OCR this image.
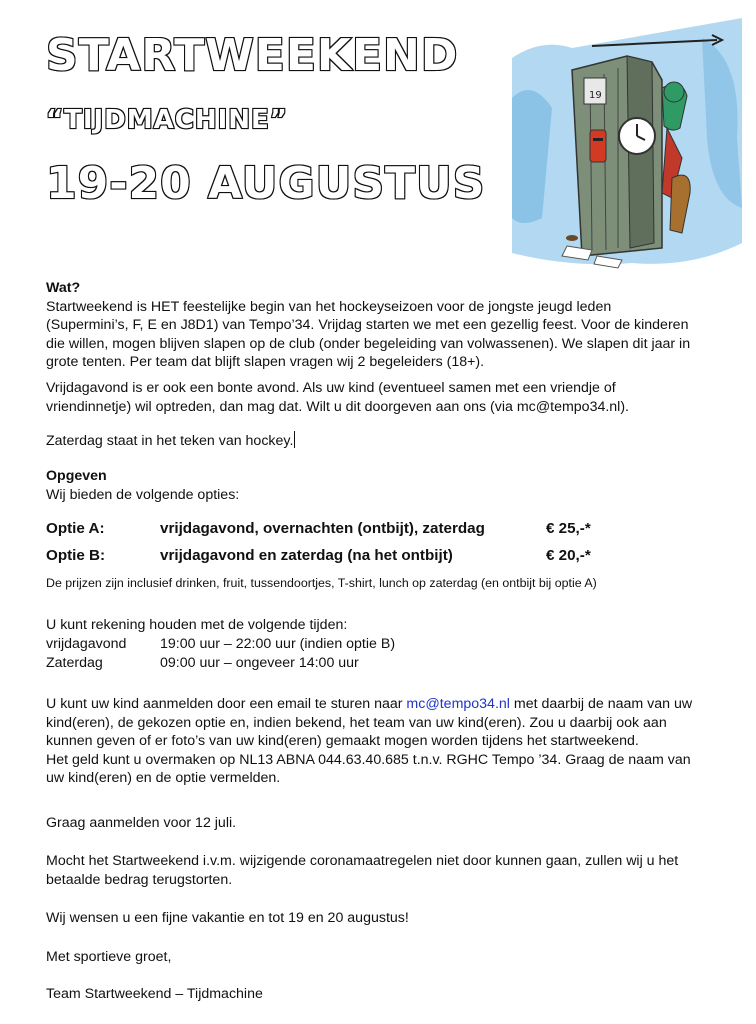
STARTWEEKEND
“TIJDMACHINE”
19-20 AUGUSTUS
19
Wat?
Startweekend is HET feestelijke begin van het hockeyseizoen voor de jongste jeugd leden
(Supermini’s, F, E en J8D1) van Tempo’34. Vrijdag starten we met een gezellig feest. Voor de kinderen
die willen, mogen blijven slapen op de club (onder begeleiding van volwassenen). We slapen dit jaar in
grote tenten. Per team dat blijft slapen vragen wij 2 begeleiders (18+).
Vrijdagavond is er ook een bonte avond. Als uw kind (eventueel samen met een vriendje of
vriendinnetje) wil optreden, dan mag dat. Wilt u dit doorgeven aan ons (via mc@tempo34.nl).
Zaterdag staat in het teken van hockey.
Opgeven
Wij bieden de volgende opties:
Optie A:	vrijdagavond, overnachten (ontbijt), zaterdag	€ 25,-*
Optie B:	vrijdagavond en zaterdag (na het ontbijt)	€ 20,-*
De prijzen zijn inclusief drinken, fruit, tussendoortjes, T-shirt, lunch op zaterdag (en ontbijt bij optie A)
U kunt rekening houden met de volgende tijden:
vrijdagavond 19:00 uur – 22:00 uur (indien optie B)
Zaterdag	09:00 uur – ongeveer 14:00 uur
U kunt uw kind aanmelden door een email te sturen naar mc@tempo34.nl met daarbij de naam van uw
kind(eren), de gekozen optie en, indien bekend, het team van uw kind(eren). Zou u daarbij ook aan
kunnen geven of er foto’s van uw kind(eren) gemaakt mogen worden tijdens het startweekend.
Het geld kunt u overmaken op NL13 ABNA 044.63.40.685 t.n.v. RGHC Tempo ’34. Graag de naam van
uw kind(eren) en de optie vermelden.
Graag aanmelden voor 12 juli.
Mocht het Startweekend i.v.m. wijzigende coronamaatregelen niet door kunnen gaan, zullen wij u het
betaalde bedrag terugstorten.
Wij wensen u een fijne vakantie en tot 19 en 20 augustus!
Met sportieve groet,
Team Startweekend – Tijdmachine
